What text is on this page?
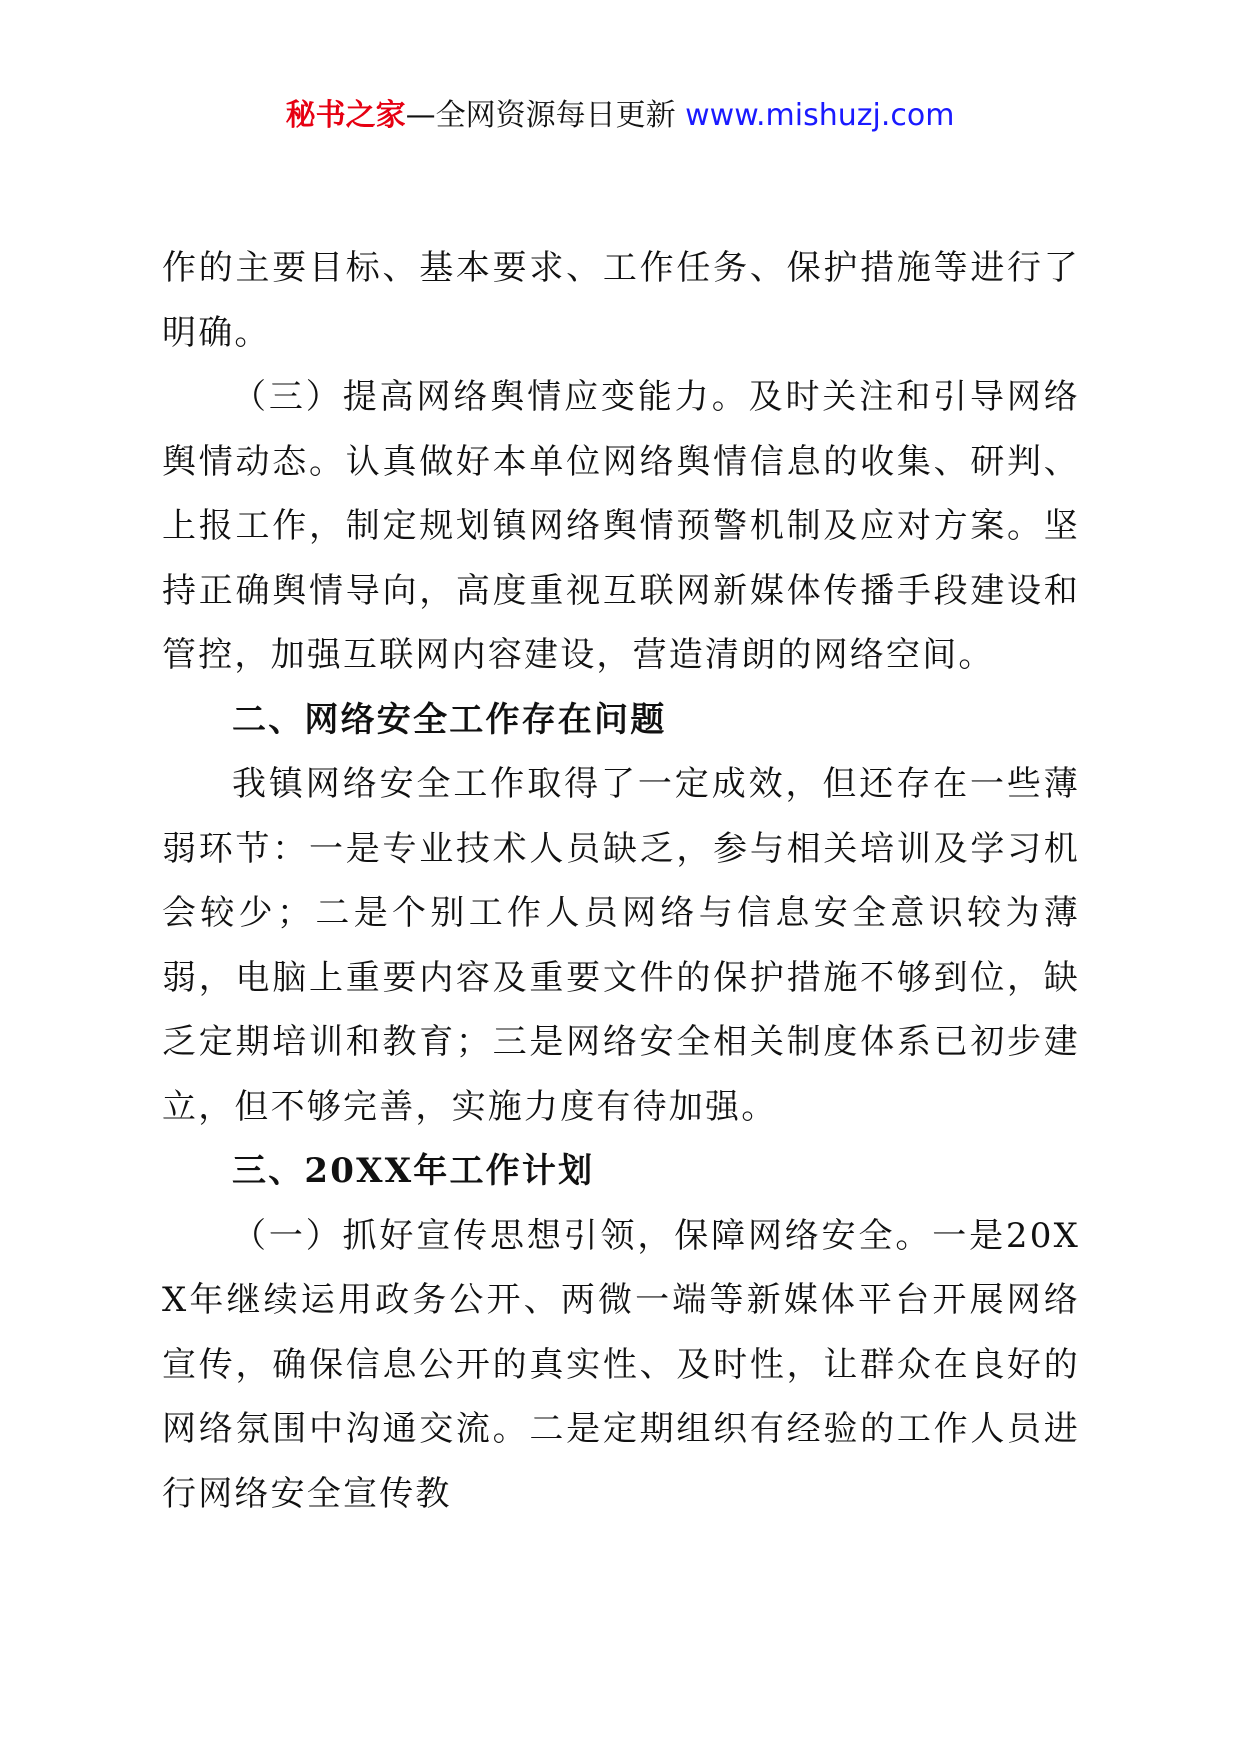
秘书之家—全网资源每日更新 www.mishuzj.com

作的主要目标、基本要求、工作任务、保护措施等进行了明确。

（三）提高网络舆情应变能力。及时关注和引导网络舆情动态。认真做好本单位网络舆情信息的收集、研判、上报工作，制定规划镇网络舆情预警机制及应对方案。坚持正确舆情导向，高度重视互联网新媒体传播手段建设和管控，加强互联网内容建设，营造清朗的网络空间。

二、网络安全工作存在问题

我镇网络安全工作取得了一定成效，但还存在一些薄弱环节：一是专业技术人员缺乏，参与相关培训及学习机会较少；二是个别工作人员网络与信息安全意识较为薄弱，电脑上重要内容及重要文件的保护措施不够到位，缺乏定期培训和教育；三是网络安全相关制度体系已初步建立，但不够完善，实施力度有待加强。

三、20XX年工作计划

（一）抓好宣传思想引领，保障网络安全。一是20XX年继续运用政务公开、两微一端等新媒体平台开展网络宣传，确保信息公开的真实性、及时性，让群众在良好的网络氛围中沟通交流。二是定期组织有经验的工作人员进行网络安全宣传教
